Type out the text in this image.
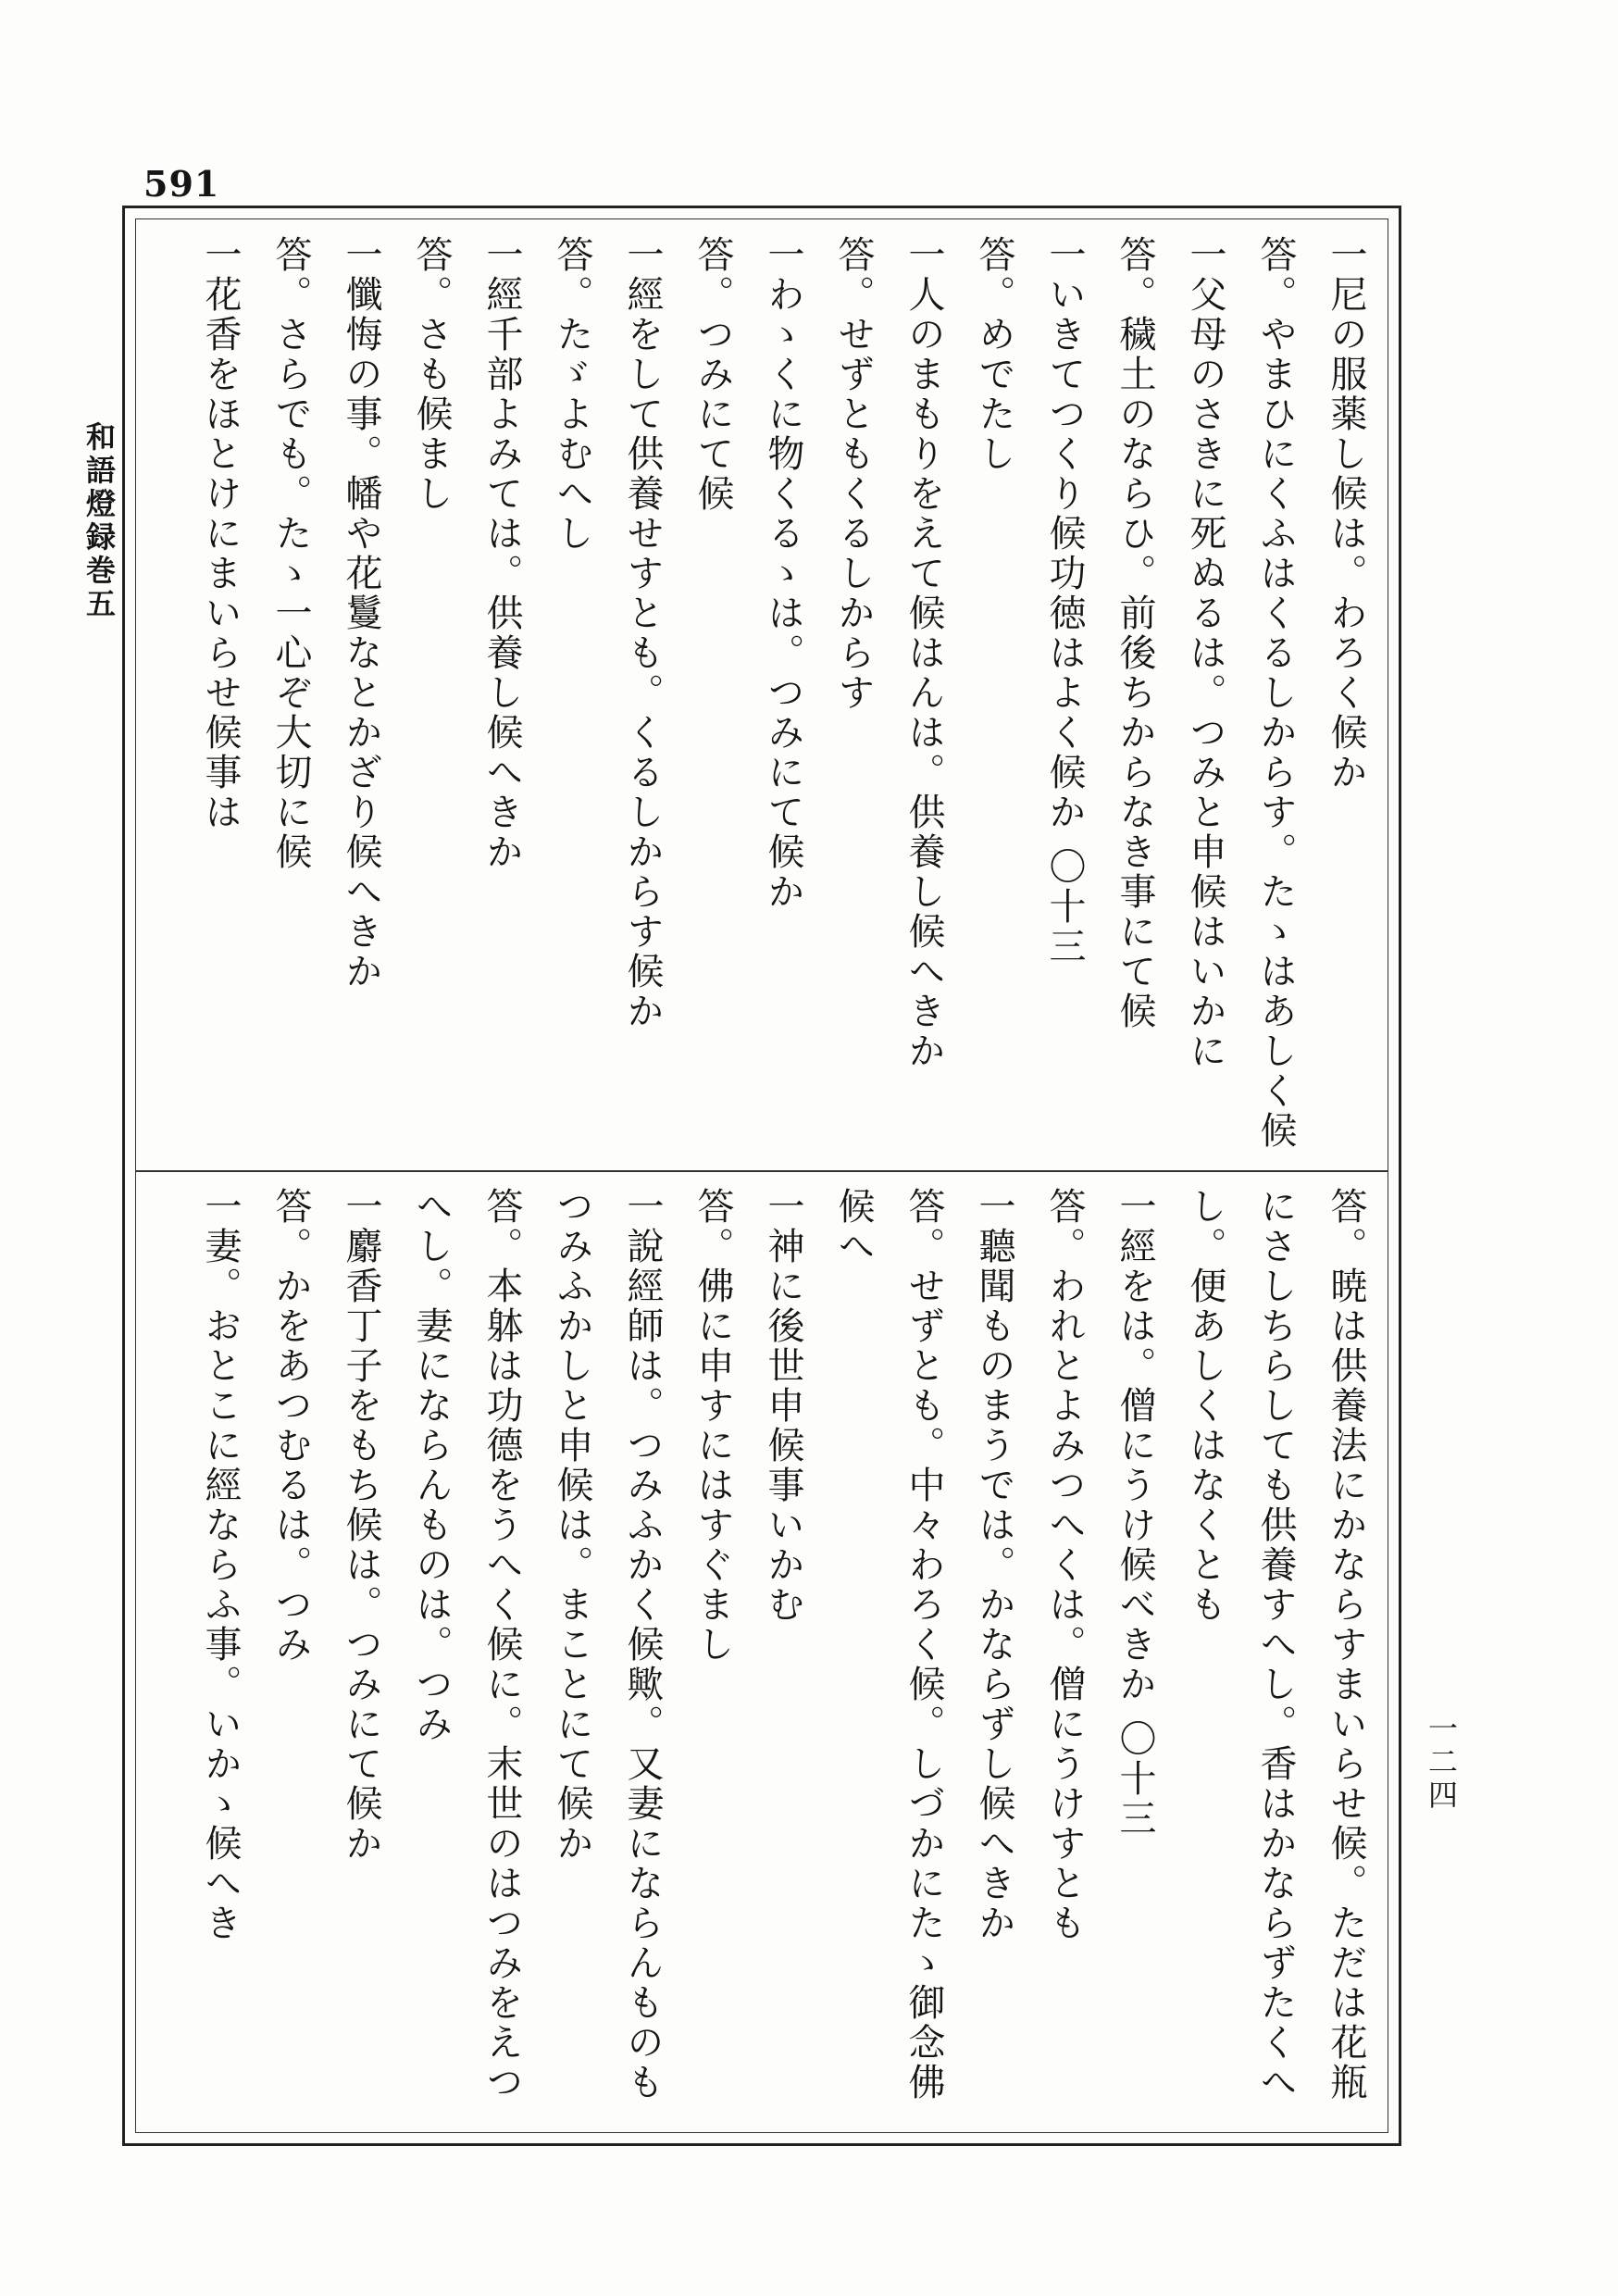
591
和語燈録巻五
一二四
一尼の服薬し候は。わろく候か
答。やまひにくふはくるしからす。たゝはあしく候
一父母のさきに死ぬるは。つみと申候はいかに
答。穢土のならひ。前後ちからなき事にて候
一いきてつくり候功徳はよく候か 〇十三
答。めでたし
一人のまもりをえて候はんは。供養し候へきか
答。せずともくるしからす
一わゝくに物くるゝは。つみにて候か
答。つみにて候
一經をして供養せすとも。くるしからす候か
答。たゞよむへし
一經千部よみては。供養し候へきか
答。さも候まし
一懺悔の事。幡や花鬘なとかざり候へきか
答。さらでも。たゝ一心ぞ大切に候
一花香をほとけにまいらせ候事は
答。暁は供養法にかならすまいらせ候。ただは花瓶
にさしちらしても供養すへし。香はかならずたくへ
し。便あしくはなくとも
一經をは。僧にうけ候べきか 〇十三
答。われとよみつへくは。僧にうけすとも
一聽聞ものまうでは。かならずし候へきか
答。せずとも。中々わろく候。しづかにたゝ御念佛
候へ
一神に後世申候事いかむ
答。佛に申すにはすぐまし
一說經師は。つみふかく候歟。又妻にならんものも
つみふかしと申候は。まことにて候か
答。本躰は功德をうへく候に。末世のはつみをえつ
へし。妻にならんものは。つみ
一麝香丁子をもち候は。つみにて候か
答。かをあつむるは。つみ
一妻。おとこに經ならふ事。いかゝ候へき
